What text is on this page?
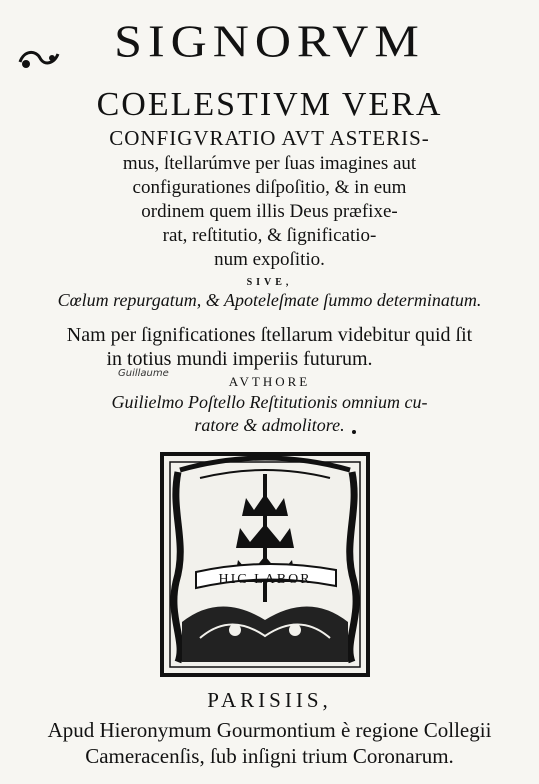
SIGNORVM
COELESTIVM VERA
CONFIGVRATIO AVT ASTERIS-
mus, ſtellarúmve per ſuas imagines aut
configurationes diſpoſitio, & in eum
ordinem quem illis Deus præfixe-
rat, reſtitutio, & ſignificatio-
num expoſitio.
SIVE,
Cœlum repurgatum, & Apoteleſmate ſummo determinatum.
Nam per ſignificationes ſtellarum videbitur quid ſit
in totius mundi imperiis futurum.
Guillaume
AVTHORE
Guilielmo Poſtello Reſtitutionis omnium cu-
ratore & admolitore.
HIC LABOR
PARISIIS,
Apud Hieronymum Gourmontium è regione Collegii
Cameracenſis, ſub inſigni trium Coronarum.
